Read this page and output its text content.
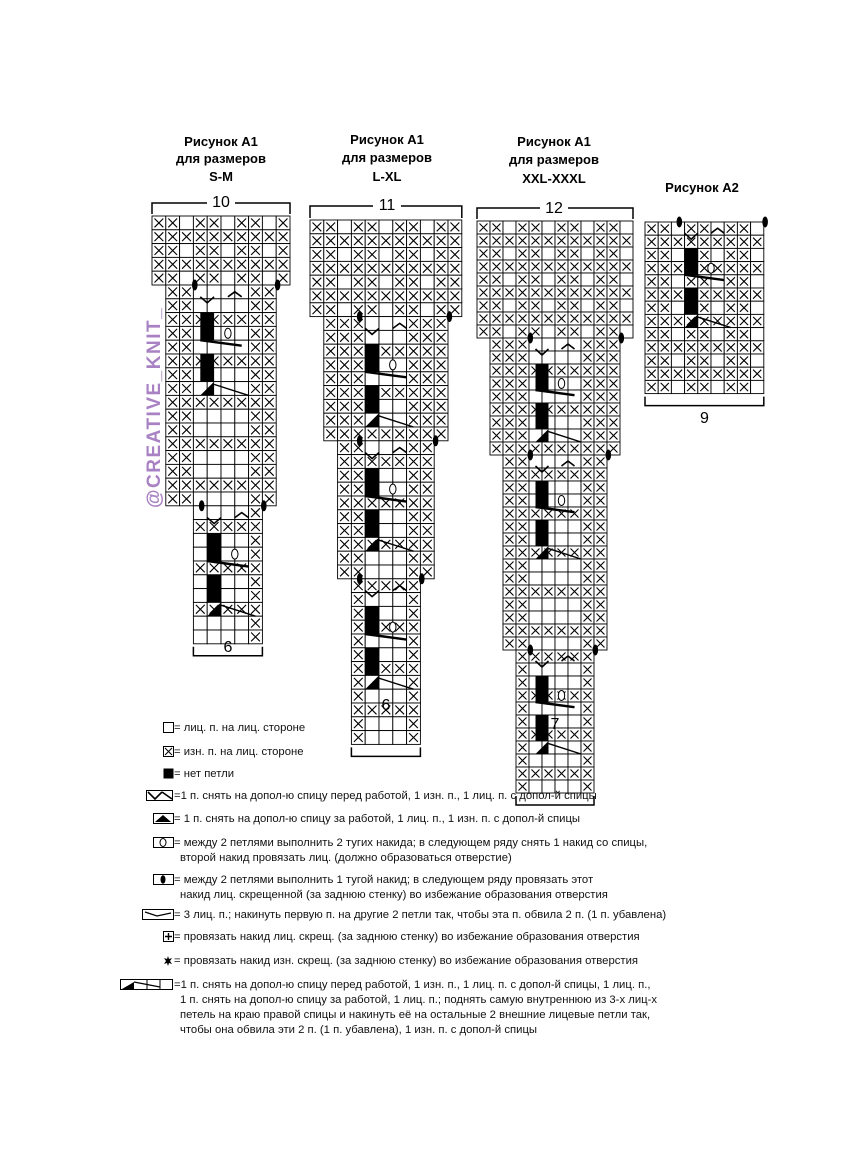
@CREATIVE_KNIT_
Рисунок A1
для размеров
S-M
10
6
Рисунок A1
для размеров
L-XL
11
6
Рисунок A1
для размеров
XXL-XXXL
12
7
Рисунок A2
9
= лиц. п. на лиц. стороне
= изн. п. на лиц. стороне
= нет петли
=1 п. снять на допол-ю спицу перед работой, 1 изн. п., 1 лиц. п. с допол-й спицы
= 1 п. снять на допол-ю спицу за работой, 1 лиц. п., 1 изн. п. с допол-й спицы
= между 2 петлями выполнить 2 тугих накида; в следующем ряду снять 1 накид со спицы,
второй накид провязать лиц. (должно образоваться отверстие)
= между 2 петлями выполнить 1 тугой накид; в следующем ряду провязать этот
накид лиц. скрещенной (за заднюю стенку) во избежание образования отверстия
= 3 лиц. п.; накинуть первую п. на другие 2 петли так, чтобы эта п. обвила 2 п. (1 п. убавлена)
= провязать накид лиц. скрещ. (за заднюю стенку) во избежание образования отверстия
= провязать накид изн. скрещ. (за заднюю стенку) во избежание образования отверстия
=1 п. снять на допол-ю спицу перед работой, 1 изн. п., 1 лиц. п. с допол-й спицы, 1 лиц. п.,
1 п. снять на допол-ю спицу за работой, 1 лиц. п.; поднять самую внутреннюю из 3-х лиц-х
петель на краю правой спицы и накинуть её на остальные 2 внешние лицевые петли так,
чтобы она обвила эти 2 п. (1 п. убавлена), 1 изн. п. с допол-й спицы
